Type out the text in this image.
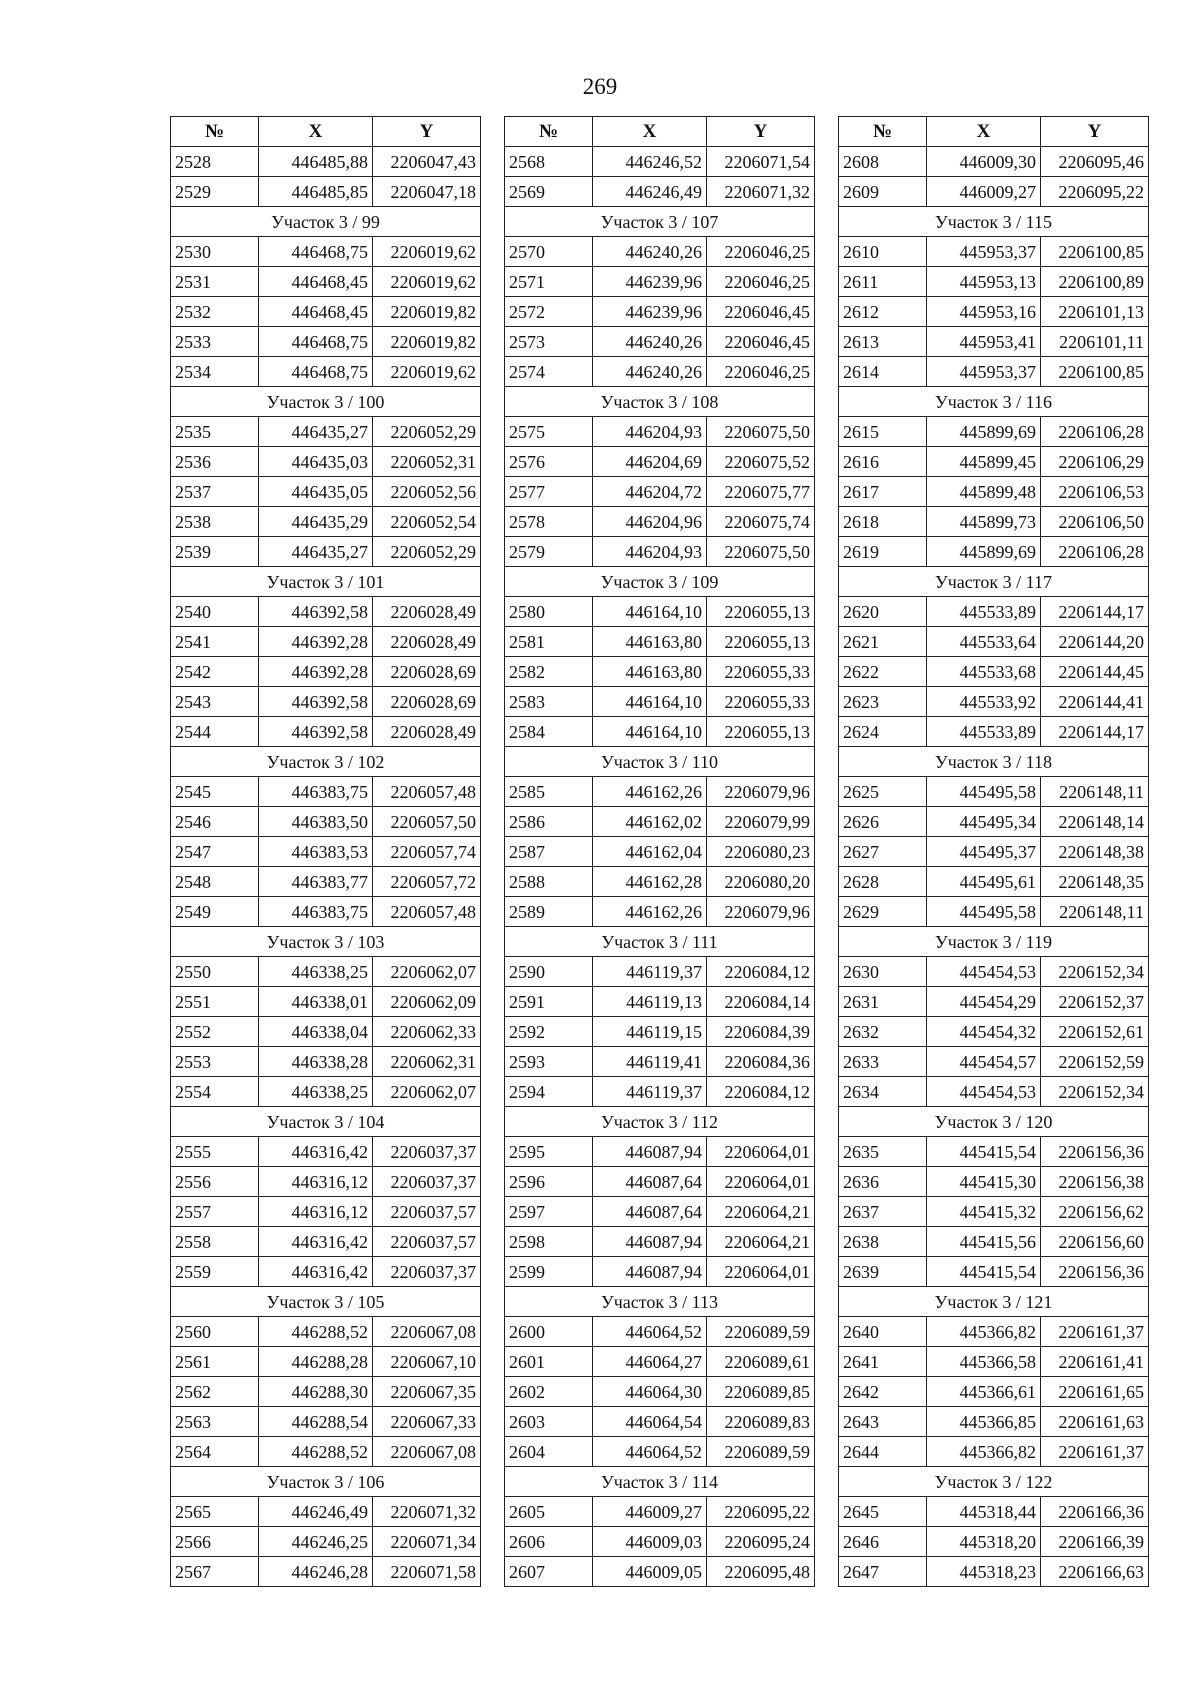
269
№	X	Y
2528	446485,88	2206047,43
2529	446485,85	2206047,18
Участок 3 / 99		
2530	446468,75	2206019,62
2531	446468,45	2206019,62
2532	446468,45	2206019,82
2533	446468,75	2206019,82
2534	446468,75	2206019,62
Участок 3 / 100		
2535	446435,27	2206052,29
2536	446435,03	2206052,31
2537	446435,05	2206052,56
2538	446435,29	2206052,54
2539	446435,27	2206052,29
Участок 3 / 101		
2540	446392,58	2206028,49
2541	446392,28	2206028,49
2542	446392,28	2206028,69
2543	446392,58	2206028,69
2544	446392,58	2206028,49
Участок 3 / 102		
2545	446383,75	2206057,48
2546	446383,50	2206057,50
2547	446383,53	2206057,74
2548	446383,77	2206057,72
2549	446383,75	2206057,48
Участок 3 / 103		
2550	446338,25	2206062,07
2551	446338,01	2206062,09
2552	446338,04	2206062,33
2553	446338,28	2206062,31
2554	446338,25	2206062,07
Участок 3 / 104		
2555	446316,42	2206037,37
2556	446316,12	2206037,37
2557	446316,12	2206037,57
2558	446316,42	2206037,57
2559	446316,42	2206037,37
Участок 3 / 105		
2560	446288,52	2206067,08
2561	446288,28	2206067,10
2562	446288,30	2206067,35
2563	446288,54	2206067,33
2564	446288,52	2206067,08
Участок 3 / 106		
2565	446246,49	2206071,32
2566	446246,25	2206071,34
2567	446246,28	2206071,58
№	X	Y
2568	446246,52	2206071,54
2569	446246,49	2206071,32
Участок 3 / 107		
2570	446240,26	2206046,25
2571	446239,96	2206046,25
2572	446239,96	2206046,45
2573	446240,26	2206046,45
2574	446240,26	2206046,25
Участок 3 / 108		
2575	446204,93	2206075,50
2576	446204,69	2206075,52
2577	446204,72	2206075,77
2578	446204,96	2206075,74
2579	446204,93	2206075,50
Участок 3 / 109		
2580	446164,10	2206055,13
2581	446163,80	2206055,13
2582	446163,80	2206055,33
2583	446164,10	2206055,33
2584	446164,10	2206055,13
Участок 3 / 110		
2585	446162,26	2206079,96
2586	446162,02	2206079,99
2587	446162,04	2206080,23
2588	446162,28	2206080,20
2589	446162,26	2206079,96
Участок 3 / 111		
2590	446119,37	2206084,12
2591	446119,13	2206084,14
2592	446119,15	2206084,39
2593	446119,41	2206084,36
2594	446119,37	2206084,12
Участок 3 / 112		
2595	446087,94	2206064,01
2596	446087,64	2206064,01
2597	446087,64	2206064,21
2598	446087,94	2206064,21
2599	446087,94	2206064,01
Участок 3 / 113		
2600	446064,52	2206089,59
2601	446064,27	2206089,61
2602	446064,30	2206089,85
2603	446064,54	2206089,83
2604	446064,52	2206089,59
Участок 3 / 114		
2605	446009,27	2206095,22
2606	446009,03	2206095,24
2607	446009,05	2206095,48
№	X	Y
2608	446009,30	2206095,46
2609	446009,27	2206095,22
Участок 3 / 115		
2610	445953,37	2206100,85
2611	445953,13	2206100,89
2612	445953,16	2206101,13
2613	445953,41	2206101,11
2614	445953,37	2206100,85
Участок 3 / 116		
2615	445899,69	2206106,28
2616	445899,45	2206106,29
2617	445899,48	2206106,53
2618	445899,73	2206106,50
2619	445899,69	2206106,28
Участок 3 / 117		
2620	445533,89	2206144,17
2621	445533,64	2206144,20
2622	445533,68	2206144,45
2623	445533,92	2206144,41
2624	445533,89	2206144,17
Участок 3 / 118		
2625	445495,58	2206148,11
2626	445495,34	2206148,14
2627	445495,37	2206148,38
2628	445495,61	2206148,35
2629	445495,58	2206148,11
Участок 3 / 119		
2630	445454,53	2206152,34
2631	445454,29	2206152,37
2632	445454,32	2206152,61
2633	445454,57	2206152,59
2634	445454,53	2206152,34
Участок 3 / 120		
2635	445415,54	2206156,36
2636	445415,30	2206156,38
2637	445415,32	2206156,62
2638	445415,56	2206156,60
2639	445415,54	2206156,36
Участок 3 / 121		
2640	445366,82	2206161,37
2641	445366,58	2206161,41
2642	445366,61	2206161,65
2643	445366,85	2206161,63
2644	445366,82	2206161,37
Участок 3 / 122		
2645	445318,44	2206166,36
2646	445318,20	2206166,39
2647	445318,23	2206166,63
